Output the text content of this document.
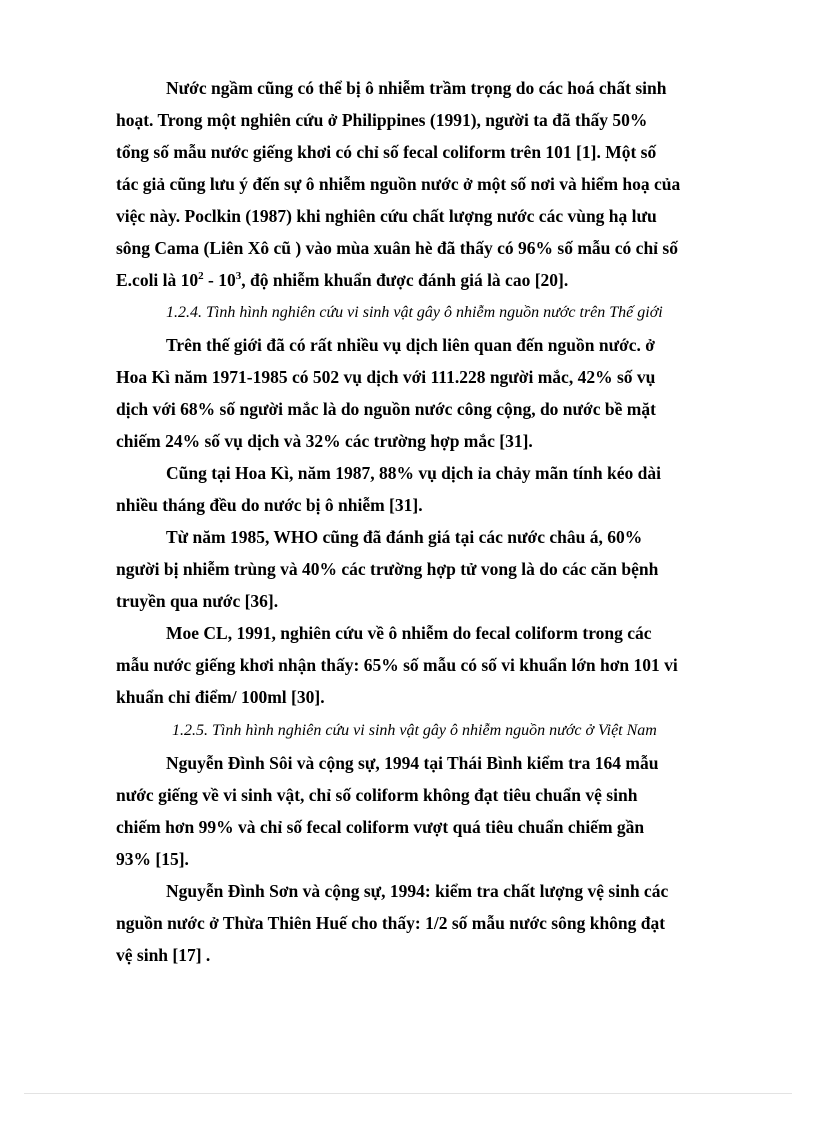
Nước ngầm cũng có thể bị ô nhiễm trầm trọng do các hoá chất sinh
hoạt. Trong một nghiên cứu ở Philippines (1991), người ta đã thấy 50%
tổng số mẫu nước giếng khơi có chỉ số fecal coliform trên 101 [1]. Một số
tác giả cũng lưu ý đến sự ô nhiễm nguồn nước ở một số nơi và hiểm hoạ của
việc này. Poclkin (1987) khi nghiên cứu chất lượng nước các vùng hạ lưu
sông Cama (Liên Xô cũ ) vào mùa xuân hè đã thấy có 96% số mẫu có chỉ số
E.coli là $10^2 - 10^3$, độ nhiễm khuẩn được đánh giá là cao [20].
1.2.4. Tình hình nghiên cứu vi sinh vật gây ô nhiễm nguồn nước trên Thế giới
Trên thế giới đã có rất nhiều vụ dịch liên quan đến nguồn nước. ở
Hoa Kì năm 1971-1985 có 502 vụ dịch với 111.228 người mắc, 42% số vụ
dịch với 68% số người mắc là do nguồn nước công cộng, do nước bề mặt
chiếm 24% số vụ dịch và 32% các trường hợp mắc [31].
Cũng tại Hoa Kì, năm 1987, 88% vụ dịch ỉa chảy mãn tính kéo dài
nhiều tháng đều do nước bị ô nhiễm [31].
Từ năm 1985, WHO cũng đã đánh giá tại các nước châu á, 60%
người bị nhiễm trùng và 40% các trường hợp tử vong là do các căn bệnh
truyền qua nước [36].
Moe CL, 1991, nghiên cứu về ô nhiễm do fecal coliform trong các
mẫu nước giếng khơi nhận thấy: 65% số mẫu có số vi khuẩn lớn hơn 101 vi
khuẩn chỉ điểm/ 100ml [30].
1.2.5. Tình hình nghiên cứu vi sinh vật gây ô nhiễm nguồn nước ở Việt Nam
Nguyễn Đình Sôi và cộng sự, 1994 tại Thái Bình kiểm tra 164 mẫu
nước giếng về vi sinh vật, chỉ số coliform không đạt tiêu chuẩn vệ sinh
chiếm hơn 99% và chỉ số fecal coliform vượt quá tiêu chuẩn chiếm gần
93% [15].
Nguyễn Đình Sơn và cộng sự, 1994: kiểm tra chất lượng vệ sinh các
nguồn nước ở Thừa Thiên Huế cho thấy: 1/2 số mẫu nước sông không đạt
vệ sinh [17] .
